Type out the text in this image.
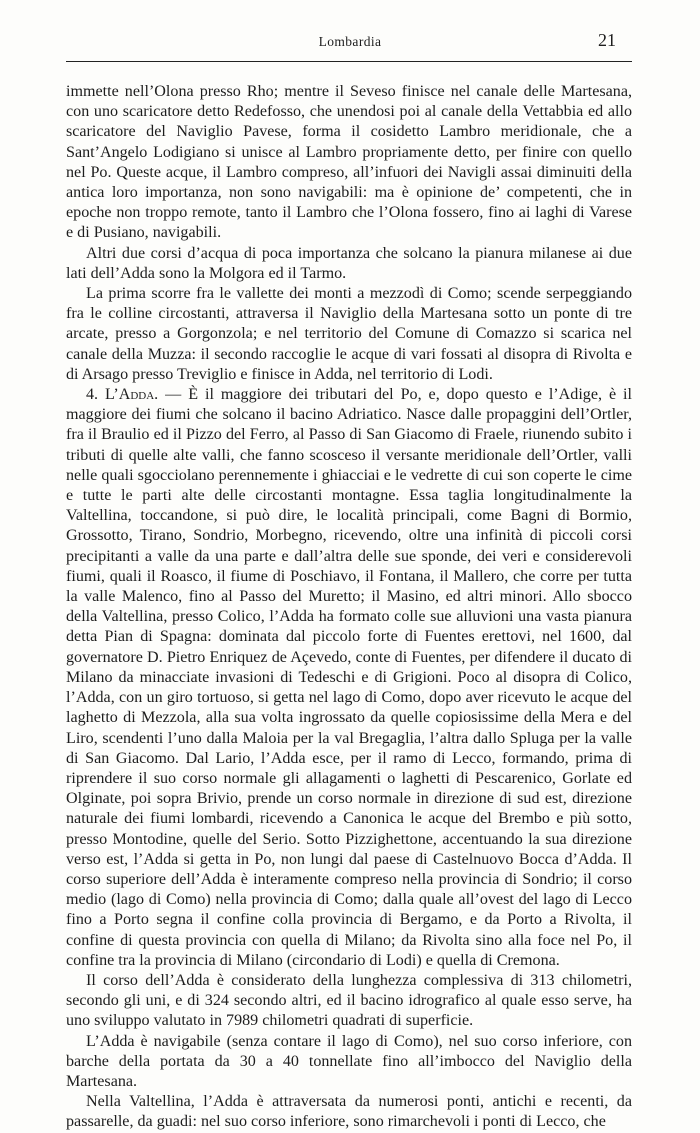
Lombardia	21

immette nell’Olona presso Rho; mentre il Seveso finisce nel canale delle Martesana, con uno scaricatore detto Redefosso, che unendosi poi al canale della Vettabbia ed allo scaricatore del Naviglio Pavese, forma il cosidetto Lambro meridionale, che a Sant’Angelo Lodigiano si unisce al Lambro propriamente detto, per finire con quello nel Po. Queste acque, il Lambro compreso, all’infuori dei Navigli assai diminuiti della antica loro importanza, non sono navigabili: ma è opinione de’ competenti, che in epoche non troppo remote, tanto il Lambro che l’Olona fossero, fino ai laghi di Varese e di Pusiano, navigabili.

Altri due corsi d’acqua di poca importanza che solcano la pianura milanese ai due lati dell’Adda sono la Molgora ed il Tarmo.

La prima scorre fra le vallette dei monti a mezzodì di Como; scende serpeggiando fra le colline circostanti, attraversa il Naviglio della Martesana sotto un ponte di tre arcate, presso a Gorgonzola; e nel territorio del Comune di Comazzo si scarica nel canale della Muzza: il secondo raccoglie le acque di vari fossati al disopra di Rivolta e di Arsago presso Treviglio e finisce in Adda, nel territorio di Lodi.

4. L’Adda. — È il maggiore dei tributari del Po, e, dopo questo e l’Adige, è il maggiore dei fiumi che solcano il bacino Adriatico. Nasce dalle propaggini dell’Ortler, fra il Braulio ed il Pizzo del Ferro, al Passo di San Giacomo di Fraele, riunendo subito i tributi di quelle alte valli, che fanno scosceso il versante meridionale dell’Ortler, valli nelle quali sgocciolano perennemente i ghiacciai e le vedrette di cui son coperte le cime e tutte le parti alte delle circostanti montagne. Essa taglia longitudinalmente la Valtellina, toccandone, si può dire, le località principali, come Bagni di Bormio, Grossotto, Tirano, Sondrio, Morbegno, ricevendo, oltre una infinità di piccoli corsi precipitanti a valle da una parte e dall’altra delle sue sponde, dei veri e considerevoli fiumi, quali il Roasco, il fiume di Poschiavo, il Fontana, il Mallero, che corre per tutta la valle Malenco, fino al Passo del Muretto; il Masino, ed altri minori. Allo sbocco della Valtellina, presso Colico, l’Adda ha formato colle sue alluvioni una vasta pianura detta Pian di Spagna: dominata dal piccolo forte di Fuentes erettovi, nel 1600, dal governatore D. Pietro Enriquez de Açevedo, conte di Fuentes, per difendere il ducato di Milano da minacciate invasioni di Tedeschi e di Grigioni. Poco al disopra di Colico, l’Adda, con un giro tortuoso, si getta nel lago di Como, dopo aver ricevuto le acque del laghetto di Mezzola, alla sua volta ingrossato da quelle copiosissime della Mera e del Liro, scendenti l’uno dalla Maloia per la val Bregaglia, l’altra dallo Spluga per la valle di San Giacomo. Dal Lario, l’Adda esce, per il ramo di Lecco, formando, prima di riprendere il suo corso normale gli allagamenti o laghetti di Pescarenico, Gorlate ed Olginate, poi sopra Brivio, prende un corso normale in direzione di sud est, direzione naturale dei fiumi lombardi, ricevendo a Canonica le acque del Brembo e più sotto, presso Montodine, quelle del Serio. Sotto Pizzighettone, accentuando la sua direzione verso est, l’Adda si getta in Po, non lungi dal paese di Castelnuovo Bocca d’Adda. Il corso superiore dell’Adda è interamente compreso nella provincia di Sondrio; il corso medio (lago di Como) nella provincia di Como; dalla quale all’ovest del lago di Lecco fino a Porto segna il confine colla provincia di Bergamo, e da Porto a Rivolta, il confine di questa provincia con quella di Milano; da Rivolta sino alla foce nel Po, il confine tra la provincia di Milano (circondario di Lodi) e quella di Cremona.

Il corso dell’Adda è considerato della lunghezza complessiva di 313 chilometri, secondo gli uni, e di 324 secondo altri, ed il bacino idrografico al quale esso serve, ha uno sviluppo valutato in 7989 chilometri quadrati di superficie.

L’Adda è navigabile (senza contare il lago di Como), nel suo corso inferiore, con barche della portata da 30 a 40 tonnellate fino all’imbocco del Naviglio della Martesana.

Nella Valtellina, l’Adda è attraversata da numerosi ponti, antichi e recenti, da passarelle, da guadi: nel suo corso inferiore, sono rimarchevoli i ponti di Lecco, che
